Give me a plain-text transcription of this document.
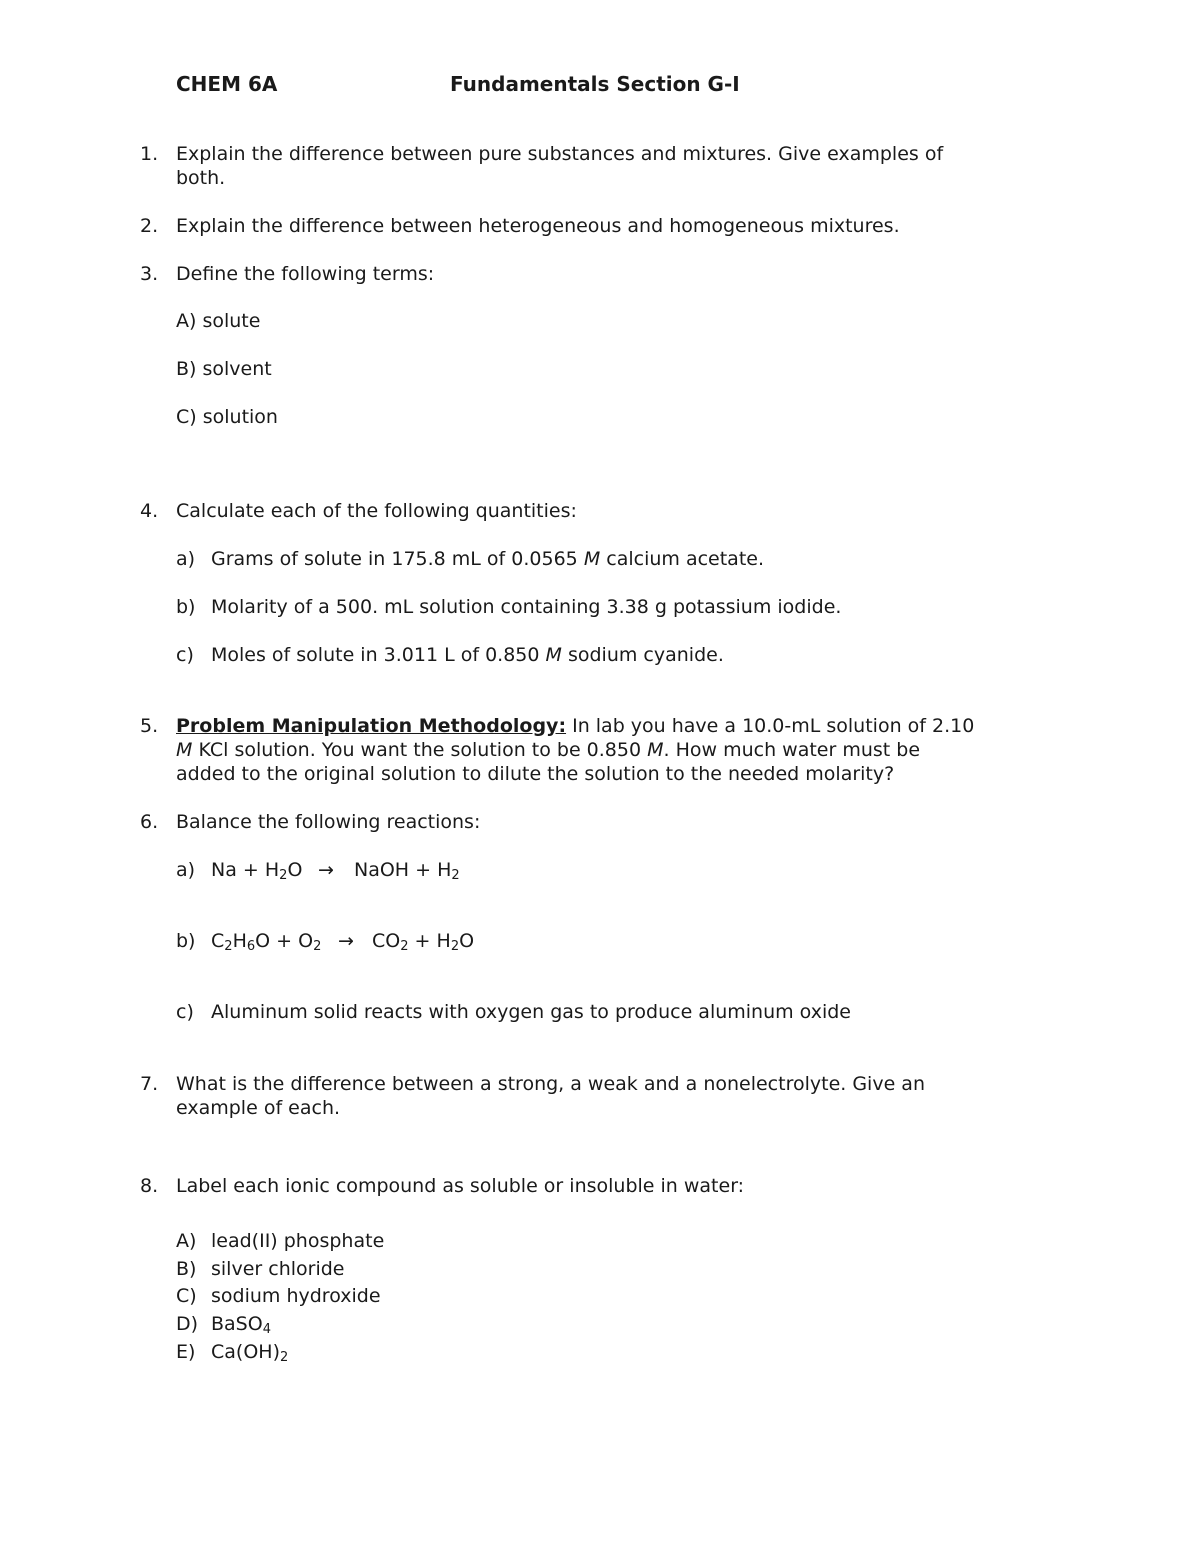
CHEM 6A	Fundamentals Section G-I
1. Explain the difference between pure substances and mixtures. Give examples of
both.
2. Explain the difference between heterogeneous and homogeneous mixtures.
3. Define the following terms:
A) solute
B) solvent
C) solution
4. Calculate each of the following quantities:
a) Grams of solute in 175.8 mL of 0.0565 M calcium acetate.
b) Molarity of a 500. mL solution containing 3.38 g potassium iodide.
c) Moles of solute in 3.011 L of 0.850 M sodium cyanide.
5. Problem Manipulation Methodology: In lab you have a 10.0-mL solution of 2.10
M KCl solution. You want the solution to be 0.850 M. How much water must be
added to the original solution to dilute the solution to the needed molarity?
6. Balance the following reactions:
a) $Na + H_2O$ → NaOH + $H_2$
b) $C_2H_6O + O_2 \to CO_2 + H_2O$
c) Aluminum solid reacts with oxygen gas to produce aluminum oxide
7. What is the difference between a strong, a weak and a nonelectrolyte. Give an
example of each.
8. Label each ionic compound as soluble or insoluble in water:
A) lead(II) phosphate
B) silver chloride
C) sodium hydroxide
D) BaSO$_4$
E) $Ca(OH)_2$
